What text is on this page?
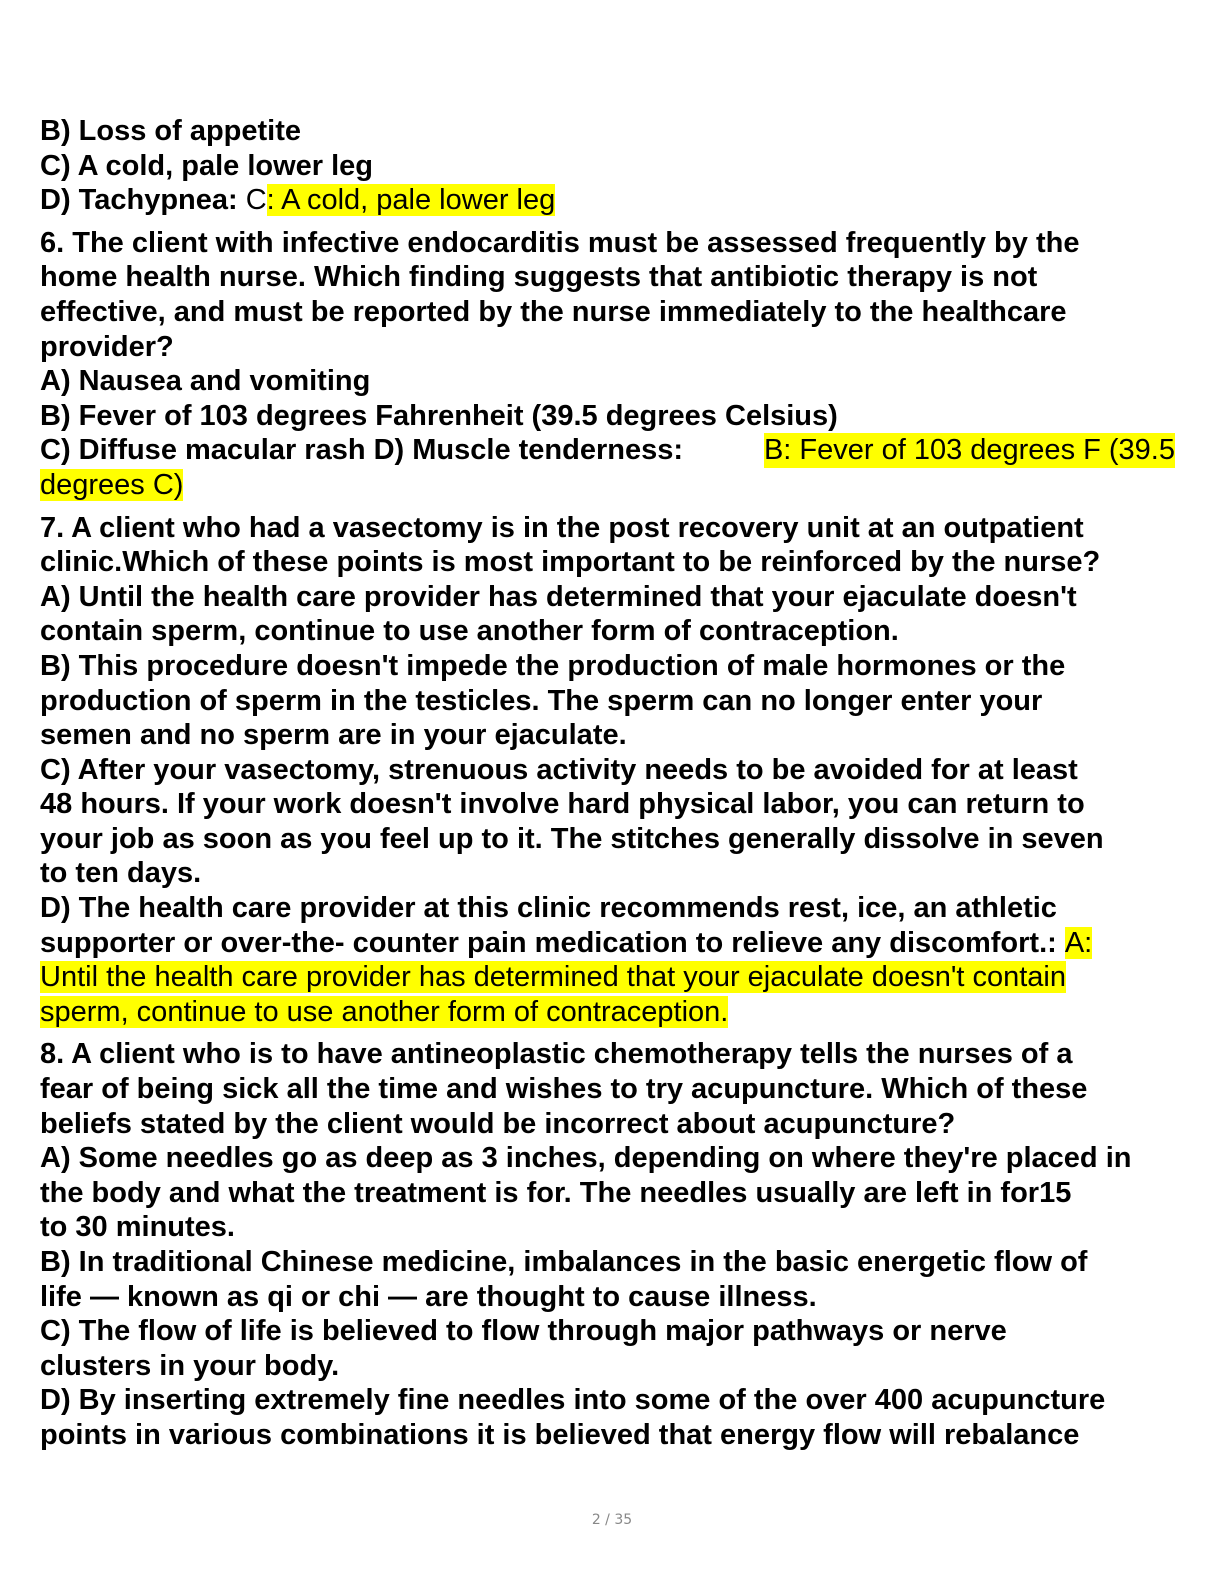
B) Loss of appetite
C) A cold, pale lower leg
D) Tachypnea: C: A cold, pale lower leg
6. The client with infective endocarditis must be assessed frequently by the
home health nurse. Which finding suggests that antibiotic therapy is not
effective, and must be reported by the nurse immediately to the healthcare
provider?
A) Nausea and vomiting
B) Fever of 103 degrees Fahrenheit (39.5 degrees Celsius)
C) Diffuse macular rash D) Muscle tenderness:	B: Fever of 103 degrees F (39.5
degrees C)
7. A client who had a vasectomy is in the post recovery unit at an outpatient
clinic.Which of these points is most important to be reinforced by the nurse?
A) Until the health care provider has determined that your ejaculate doesn't
contain sperm, continue to use another form of contraception.
B) This procedure doesn't impede the production of male hormones or the
production of sperm in the testicles. The sperm can no longer enter your
semen and no sperm are in your ejaculate.
C) After your vasectomy, strenuous activity needs to be avoided for at least
48 hours. If your work doesn't involve hard physical labor, you can return to
your job as soon as you feel up to it. The stitches generally dissolve in seven
to ten days.
D) The health care provider at this clinic recommends rest, ice, an athletic
supporter or over-the- counter pain medication to relieve any discomfort.: A:
Until the health care provider has determined that your ejaculate doesn't contain
sperm, continue to use another form of contraception.
8. A client who is to have antineoplastic chemotherapy tells the nurses of a
fear of being sick all the time and wishes to try acupuncture. Which of these
beliefs stated by the client would be incorrect about acupuncture?
A) Some needles go as deep as 3 inches, depending on where they're placed in
the body and what the treatment is for. The needles usually are left in for15
to 30 minutes.
B) In traditional Chinese medicine, imbalances in the basic energetic flow of
life — known as qi or chi — are thought to cause illness.
C) The flow of life is believed to flow through major pathways or nerve
clusters in your body.
D) By inserting extremely fine needles into some of the over 400 acupuncture
points in various combinations it is believed that energy flow will rebalance
2 / 35
